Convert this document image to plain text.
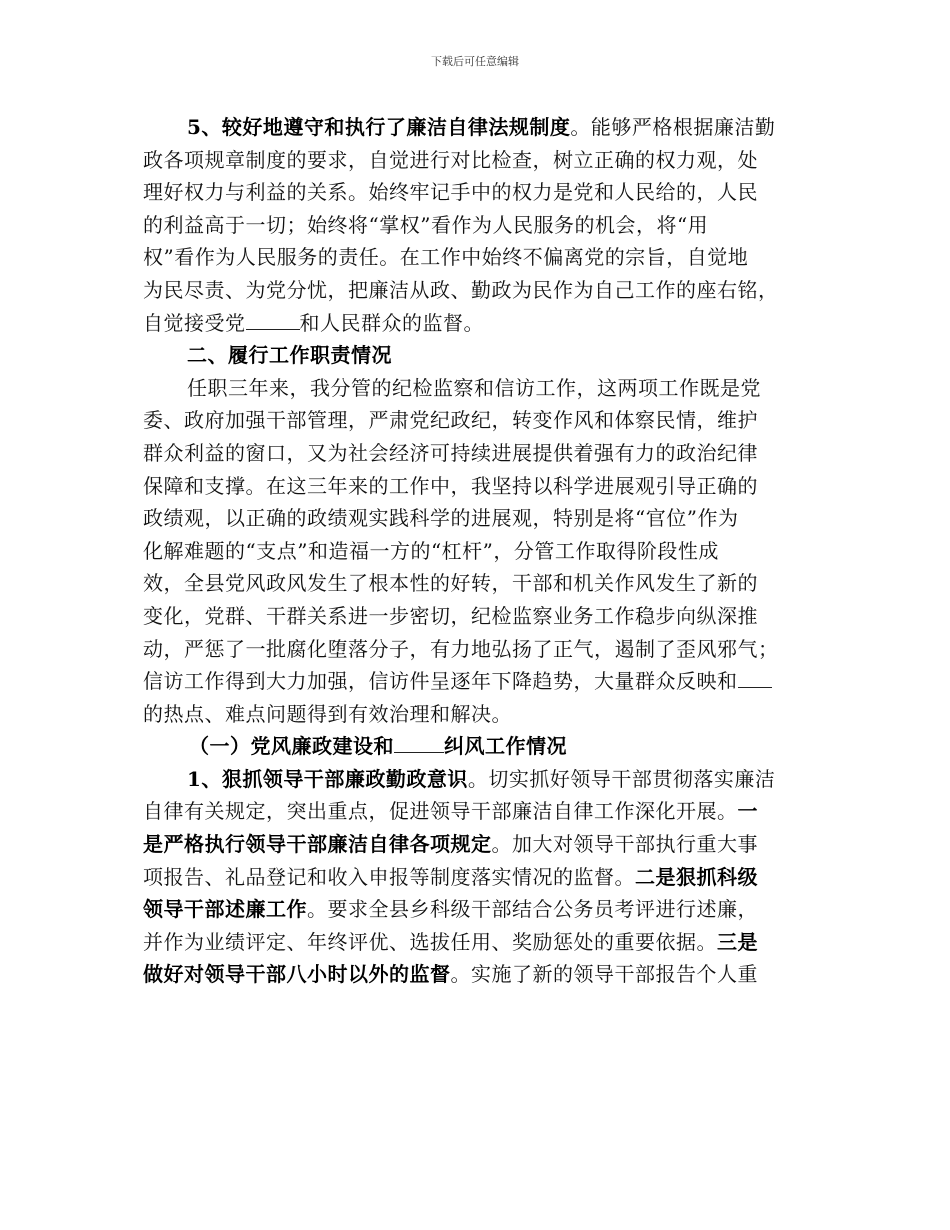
下载后可任意编辑
5、较好地遵守和执行了廉洁自律法规制度。能够严格根据廉洁勤
政各项规章制度的要求，自觉进行对比检查，树立正确的权力观，处
理好权力与利益的关系。始终牢记手中的权力是党和人民给的，人民
的利益高于一切；始终将“掌权”看作为人民服务的机会，将“用
权”看作为人民服务的责任。在工作中始终不偏离党的宗旨，自觉地
为民尽责、为党分忧，把廉洁从政、勤政为民作为自己工作的座右铭，
自觉接受党	和人民群众的监督。
二、履行工作职责情况
任职三年来，我分管的纪检监察和信访工作，这两项工作既是党
委、政府加强干部管理，严肃党纪政纪，转变作风和体察民情，维护
群众利益的窗口，又为社会经济可持续进展提供着强有力的政治纪律
保障和支撑。在这三年来的工作中，我坚持以科学进展观引导正确的
政绩观，以正确的政绩观实践科学的进展观，特别是将“官位”作为
化解难题的“支点”和造福一方的“杠杆”，分管工作取得阶段性成
效，全县党风政风发生了根本性的好转，干部和机关作风发生了新的
变化，党群、干群关系进一步密切，纪检监察业务工作稳步向纵深推
动，严惩了一批腐化堕落分子，有力地弘扬了正气，遏制了歪风邪气；
信访工作得到大力加强，信访件呈逐年下降趋势，大量群众反映和
的热点、难点问题得到有效治理和解决。
（一）党风廉政建设和	纠风工作情况
1、狠抓领导干部廉政勤政意识。切实抓好领导干部贯彻落实廉洁
自律有关规定，突出重点，促进领导干部廉洁自律工作深化开展。一
是严格执行领导干部廉洁自律各项规定。加大对领导干部执行重大事
项报告、礼品登记和收入申报等制度落实情况的监督。二是狠抓科级
领导干部述廉工作。要求全县乡科级干部结合公务员考评进行述廉，
并作为业绩评定、年终评优、选拔任用、奖励惩处的重要依据。三是
做好对领导干部八小时以外的监督。实施了新的领导干部报告个人重
